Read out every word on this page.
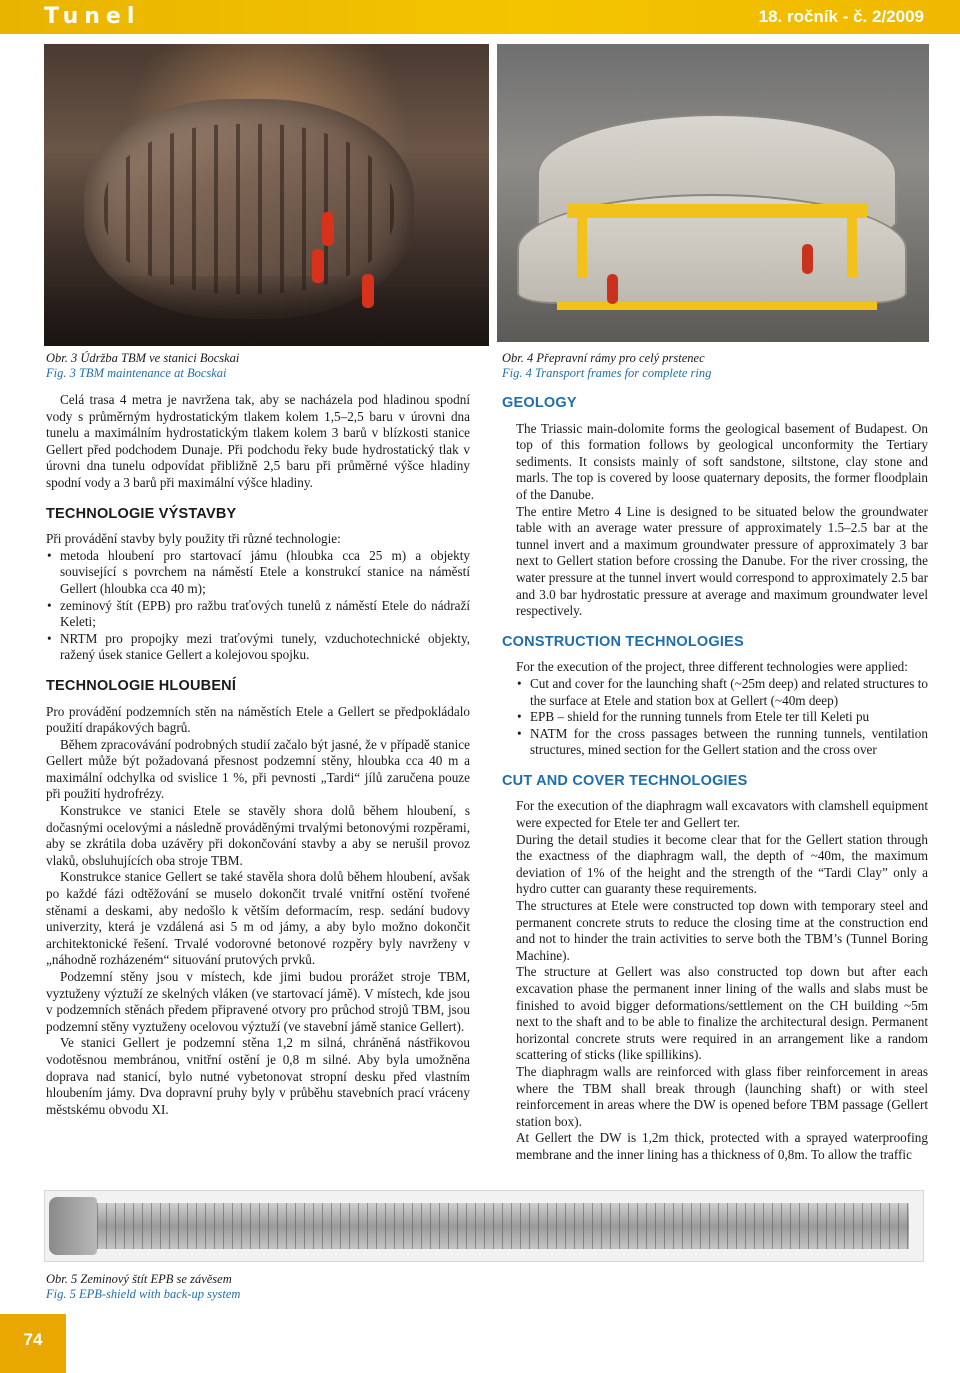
Tunel	18. ročník - č. 2/2009
Obr. 3 Údržba TBM ve stanici Bocskai
Fig. 3 TBM maintenance at Bocskai
Obr. 4 Přepravní rámy pro celý prstenec
Fig. 4 Transport frames for complete ring

Celá trasa 4 metra je navržena tak, aby se nacházela pod hladinou spodní vody s průměrným hydrostatickým tlakem kolem 1,5–2,5 baru v úrovni dna tunelu a maximálním hydrostatickým tlakem kolem 3 barů v blízkosti stanice Gellert před podchodem Dunaje. Při podchodu řeky bude hydrostatický tlak v úrovni dna tunelu odpovídat přibližně 2,5 baru při průměrné výšce hladiny spodní vody a 3 barů při maximální výšce hladiny.

TECHNOLOGIE VÝSTAVBY

Při provádění stavby byly použity tři různé technologie:

• metoda hloubení pro startovací jámu (hloubka cca 25 m) a objekty související s povrchem na náměstí Etele a konstrukcí stanice na náměstí Gellert (hloubka cca 40 m);
• zeminový štít (EPB) pro ražbu traťových tunelů z náměstí Etele do nádraží Keleti;
• NRTM pro propojky mezi traťovými tunely, vzduchotechnické objekty, ražený úsek stanice Gellert a kolejovou spojku.
TECHNOLOGIE HLOUBENÍ

Pro provádění podzemních stěn na náměstích Etele a Gellert se předpokládalo použití drapákových bagrů.

Během zpracovávání podrobných studií začalo být jasné, že v případě stanice Gellert může být požadovaná přesnost podzemní stěny, hloubka cca 40 m a maximální odchylka od svislice 1 %, při pevnosti „Tardi“ jílů zaručena pouze při použití hydrofrézy.

Konstrukce ve stanici Etele se stavěly shora dolů během hloubení, s dočasnými ocelovými a následně prováděnými trvalými betonovými rozpěrami, aby se zkrátila doba uzávěry při dokončování stavby a aby se nerušil provoz vlaků, obsluhujících oba stroje TBM.

Konstrukce stanice Gellert se také stavěla shora dolů během hloubení, avšak po každé fázi odtěžování se muselo dokončit trvalé vnitřní ostění tvořené stěnami a deskami, aby nedošlo k větším deformacím, resp. sedání budovy univerzity, která je vzdálená asi 5 m od jámy, a aby bylo možno dokončit architektonické řešení. Trvalé vodorovné betonové rozpěry byly navrženy v „náhodně rozházeném“ situování prutových prvků.

Podzemní stěny jsou v místech, kde jimi budou prorážet stroje TBM, vyztuženy výztuží ze skelných vláken (ve startovací jámě). V místech, kde jsou v podzemních stěnách předem připravené otvory pro průchod strojů TBM, jsou podzemní stěny vyztuženy ocelovou výztuží (ve stavební jámě stanice Gellert).

Ve stanici Gellert je podzemní stěna 1,2 m silná, chráněná nástřikovou vodotěsnou membránou, vnitřní ostění je 0,8 m silné. Aby byla umožněna doprava nad stanicí, bylo nutné vybetonovat stropní desku před vlastním hloubením jámy. Dva dopravní pruhy byly v průběhu stavebních prací vráceny městskému obvodu XI.

GEOLOGY

The Triassic main-dolomite forms the geological basement of Budapest. On top of this formation follows by geological unconformity the Tertiary sediments. It consists mainly of soft sandstone, siltstone, clay stone and marls. The top is covered by loose quaternary deposits, the former floodplain of the Danube.

The entire Metro 4 Line is designed to be situated below the groundwater table with an average water pressure of approximately 1.5–2.5 bar at the tunnel invert and a maximum groundwater pressure of approximately 3 bar next to Gellert station before crossing the Danube. For the river crossing, the water pressure at the tunnel invert would correspond to approximately 2.5 bar and 3.0 bar hydrostatic pressure at average and maximum groundwater level respectively.

CONSTRUCTION TECHNOLOGIES

For the execution of the project, three different technologies were applied:

• Cut and cover for the launching shaft (~25m deep) and related structures to the surface at Etele and station box at Gellert (~40m deep)
• EPB – shield for the running tunnels from Etele ter till Keleti pu
• NATM for the cross passages between the running tunnels, ventilation structures, mined section for the Gellert station and the cross over
CUT AND COVER TECHNOLOGIES

For the execution of the diaphragm wall excavators with clamshell equipment were expected for Etele ter and Gellert ter.

During the detail studies it become clear that for the Gellert station through the exactness of the diaphragm wall, the depth of ~40m, the maximum deviation of 1% of the height and the strength of the “Tardi Clay” only a hydro cutter can guaranty these requirements.

The structures at Etele were constructed top down with temporary steel and permanent concrete struts to reduce the closing time at the construction end and not to hinder the train activities to serve both the TBM’s (Tunnel Boring Machine).

The structure at Gellert was also constructed top down but after each excavation phase the permanent inner lining of the walls and slabs must be finished to avoid bigger deformations/settlement on the CH building ~5m next to the shaft and to be able to finalize the architectural design. Permanent horizontal concrete struts were required in an arrangement like a random scattering of sticks (like spillikins).

The diaphragm walls are reinforced with glass fiber reinforcement in areas where the TBM shall break through (launching shaft) or with steel reinforcement in areas where the DW is opened before TBM passage (Gellert station box).

At Gellert the DW is 1,2m thick, protected with a sprayed waterproofing membrane and the inner lining has a thickness of 0,8m. To allow the traffic

Obr. 5 Zeminový štít EPB se závěsem
Fig. 5 EPB-shield with back-up system
74
